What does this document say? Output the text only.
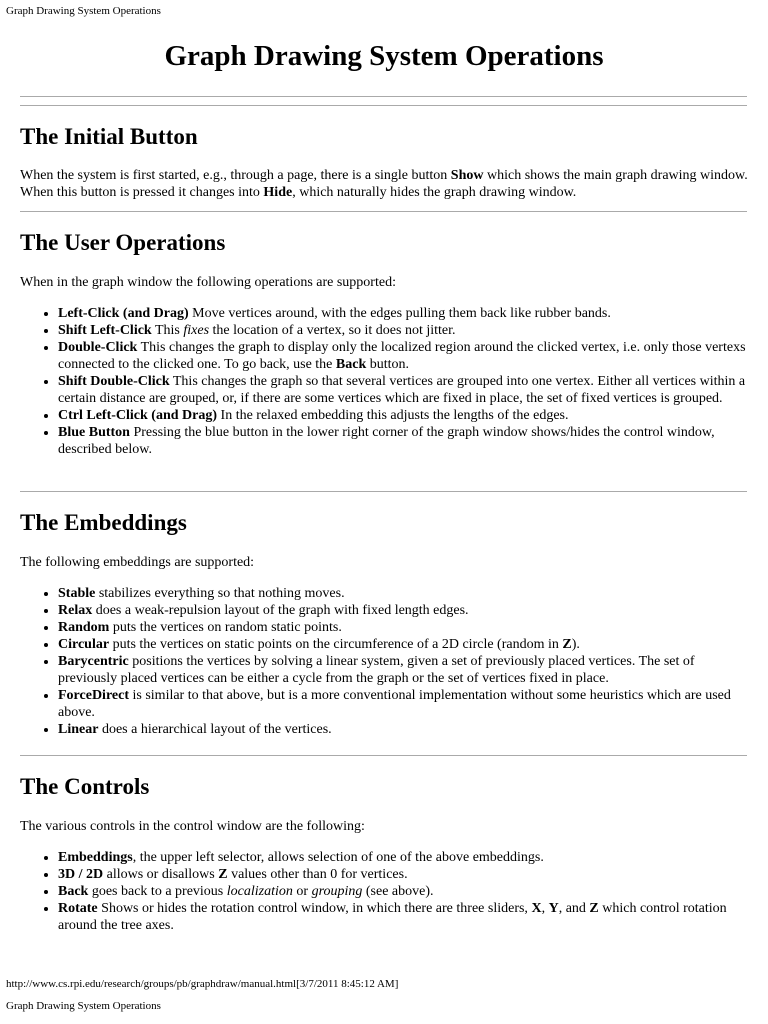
Graph Drawing System Operations
Graph Drawing System Operations
The Initial Button

When the system is first started, e.g., through a page, there is a single button Show which shows the main graph drawing window. When this button is pressed it changes into Hide, which naturally hides the graph drawing window.

The User Operations

When in the graph window the following operations are supported:

• Left-Click (and Drag) Move vertices around, with the edges pulling them back like rubber bands.
• Shift Left-Click This fixes the location of a vertex, so it does not jitter.
• Double-Click This changes the graph to display only the localized region around the clicked vertex, i.e. only those vertexs connected to the clicked one. To go back, use the Back button.
• Shift Double-Click This changes the graph so that several vertices are grouped into one vertex. Either all vertices within a certain distance are grouped, or, if there are some vertices which are fixed in place, the set of fixed vertices is grouped.
• Ctrl Left-Click (and Drag) In the relaxed embedding this adjusts the lengths of the edges.
• Blue Button Pressing the blue button in the lower right corner of the graph window shows/hides the control window, described below.
The Embeddings

The following embeddings are supported:

• Stable stabilizes everything so that nothing moves.
• Relax does a weak-repulsion layout of the graph with fixed length edges.
• Random puts the vertices on random static points.
• Circular puts the vertices on static points on the circumference of a 2D circle (random in Z).
• Barycentric positions the vertices by solving a linear system, given a set of previously placed vertices. The set of previously placed vertices can be either a cycle from the graph or the set of vertices fixed in place.
• ForceDirect is similar to that above, but is a more conventional implementation without some heuristics which are used above.
• Linear does a hierarchical layout of the vertices.
The Controls

The various controls in the control window are the following:

• Embeddings, the upper left selector, allows selection of one of the above embeddings.
• 3D / 2D allows or disallows Z values other than 0 for vertices.
• Back goes back to a previous localization or grouping (see above).
• Rotate Shows or hides the rotation control window, in which there are three sliders, X, Y, and Z which control rotation around the tree axes.
http://www.cs.rpi.edu/research/groups/pb/graphdraw/manual.html[3/7/2011 8:45:12 AM]
Graph Drawing System Operations
